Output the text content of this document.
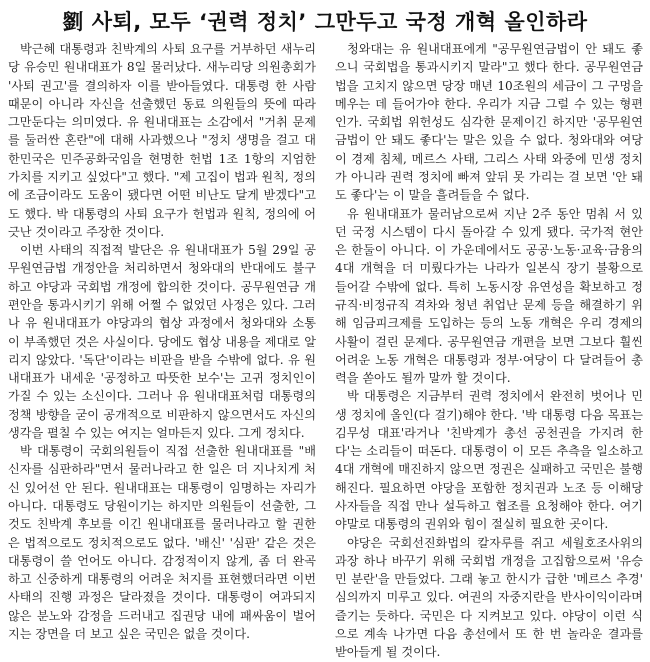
劉 사퇴, 모두 ‘권력 정치’ 그만두고 국정 개혁 올인하라

박근혜 대통령과 친박계의 사퇴 요구를 거부하던 새누리당 유승민 원내대표가 8일 물러났다. 새누리당 의원총회가 '사퇴 권고'를 결의하자 이를 받아들였다. 대통령 한 사람 때문이 아니라 자신을 선출했던 동료 의원들의 뜻에 따라 그만둔다는 의미였다. 유 원내대표는 소감에서 "거취 문제를 둘러싼 혼란"에 대해 사과했으나 "정치 생명을 걸고 대한민국은 민주공화국임을 현명한 헌법 1조 1항의 지엄한 가치를 지키고 싶었다"고 했다. "제 고집이 법과 원칙, 정의에 조금이라도 도움이 됐다면 어떤 비난도 달게 받겠다"고도 했다. 박 대통령의 사퇴 요구가 헌법과 원칙, 정의에 어긋난 것이라고 주장한 것이다.

이번 사태의 직접적 발단은 유 원내대표가 5월 29일 공무원연금법 개정안을 처리하면서 청와대의 반대에도 불구하고 야당과 국회법 개정에 합의한 것이다. 공무원연금 개편안을 통과시키기 위해 어쩔 수 없었던 사정은 있다. 그러나 유 원내대표가 야당과의 협상 과정에서 청와대와 소통이 부족했던 것은 사실이다. 당에도 협상 내용을 제대로 알리지 않았다. '독단'이라는 비판을 받을 수밖에 없다. 유 원내대표가 내세운 '공정하고 따뜻한 보수'는 고귀 정치인이 가질 수 있는 소신이다. 그러나 유 원내대표처럼 대통령의 정책 방향을 굳이 공개적으로 비판하지 않으면서도 자신의 생각을 펼칠 수 있는 여지는 얼마든지 있다. 그게 정치다.

박 대통령이 국회의원들이 직접 선출한 원내대표를 "배신자를 심판하라"면서 물러나라고 한 일은 더 지나치게 처신 있어선 안 된다. 원내대표는 대통령이 임명하는 자리가 아니다. 대통령도 당원이기는 하지만 의원들이 선출한, 그것도 친박계 후보를 이긴 원내대표를 물러나라고 할 권한은 법적으로도 정치적으로도 없다. '배신' '심판' 같은 것은 대통령이 쓸 언어도 아니다. 감정적이지 않게, 좀 더 완곡하고 신중하게 대통령의 어려운 처지를 표현했더라면 이번 사태의 진행 과정은 달라졌을 것이다. 대통령이 여과되지 않은 분노와 감정을 드러내고 집권당 내에 패싸움이 벌어지는 장면을 더 보고 싶은 국민은 없을 것이다.

청와대는 유 원내대표에게 "공무원연금법이 안 돼도 좋으니 국회법을 통과시키지 말라"고 했다 한다. 공무원연금법을 고치지 않으면 당장 매년 10조원의 세금이 그 구멍을 메우는 데 들어가야 한다. 우리가 지금 그럴 수 있는 형편인가. 국회법 위헌성도 심각한 문제이긴 하지만 '공무원연금법이 안 돼도 좋다'는 말은 있을 수 없다. 청와대와 여당이 경제 침체, 메르스 사태, 그리스 사태 와중에 민생 정치가 아니라 권력 정치에 빠져 앞뒤 못 가리는 걸 보면 '안 돼도 좋다'는 이 말을 흘려들을 수 없다.

유 원내대표가 물러남으로써 지난 2주 동안 멈춰 서 있던 국정 시스템이 다시 돌아갈 수 있게 됐다. 국가적 현안은 한둘이 아니다. 이 가운데에서도 공공·노동·교육·금융의 4대 개혁을 더 미뤘다가는 나라가 일본식 장기 불황으로 들어갈 수밖에 없다. 특히 노동시장 유연성을 확보하고 정규직·비정규직 격차와 청년 취업난 문제 등을 해결하기 위해 임금피크제를 도입하는 등의 노동 개혁은 우리 경제의 사활이 걸린 문제다. 공무원연금 개편을 보면 그보다 훨씬 어려운 노동 개혁은 대통령과 정부·여당이 다 달려들어 총력을 쏟아도 될까 말까 할 것이다.

박 대통령은 지금부터 권력 정치에서 완전히 벗어나 민생 정치에 올인(다 걸기)해야 한다. '박 대통령 다음 목표는 김무성 대표'라거나 '친박계가 총선 공천권을 가지려 한다'는 소리들이 떠돈다. 대통령이 이 모든 추측을 일소하고 4대 개혁에 매진하지 않으면 정권은 실패하고 국민은 불행해진다. 필요하면 야당을 포함한 정치권과 노조 등 이해당사자들을 직접 만나 설득하고 협조를 요청해야 한다. 여기야말로 대통령의 권위와 힘이 절실히 필요한 곳이다.

야당은 국회선진화법의 칼자루를 쥐고 세월호조사위의 과장 하나 바꾸기 위해 국회법 개정을 고집함으로써 '유승민 분란'을 만들었다. 그래 놓고 한시가 급한 '메르스 추경' 심의까지 미루고 있다. 여권의 자중지란을 반사이익이라며 즐기는 듯하다. 국민은 다 지켜보고 있다. 야당이 이런 식으로 계속 나가면 다음 총선에서 또 한 번 놀라운 결과를 받아들게 될 것이다.
